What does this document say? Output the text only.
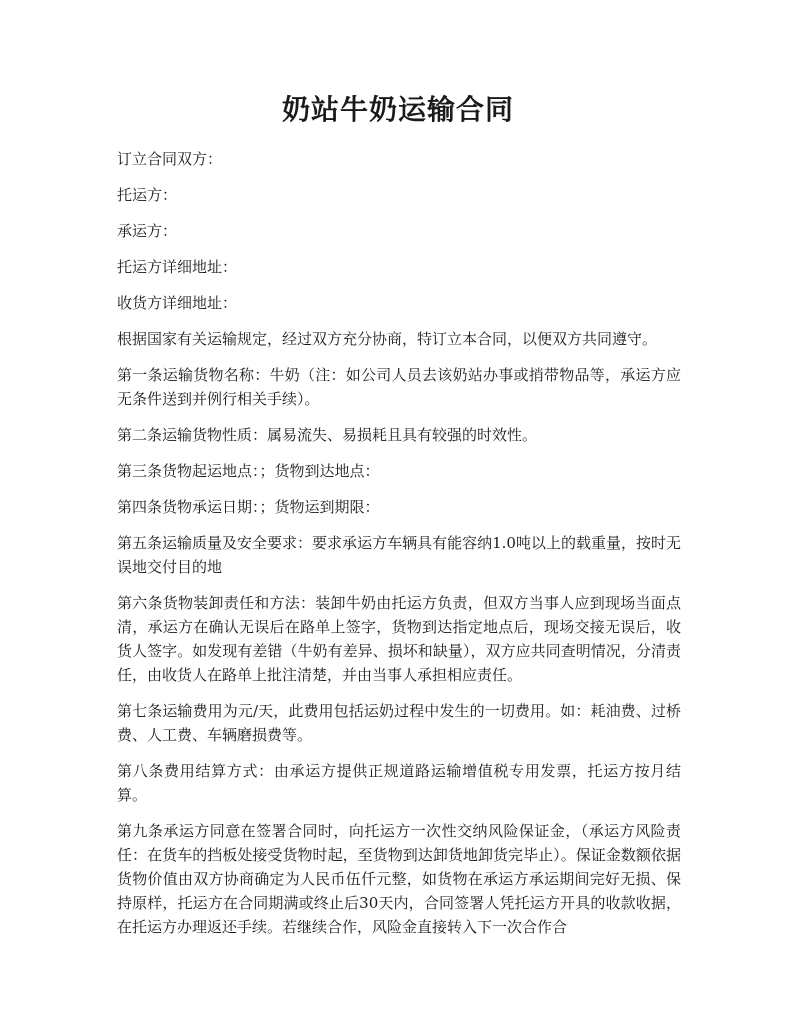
奶站牛奶运输合同

订立合同双方：

托运方：

承运方：

托运方详细地址：

收货方详细地址：

根据国家有关运输规定，经过双方充分协商，特订立本合同，以便双方共同遵守。

第一条运输货物名称：牛奶（注：如公司人员去该奶站办事或捎带物品等，承运方应无条件送到并例行相关手续）。

第二条运输货物性质：属易流失、易损耗且具有较强的时效性。

第三条货物起运地点：；货物到达地点：

第四条货物承运日期：；货物运到期限：

第五条运输质量及安全要求：要求承运方车辆具有能容纳1.0吨以上的载重量，按时无误地交付目的地

第六条货物装卸责任和方法：装卸牛奶由托运方负责，但双方当事人应到现场当面点清，承运方在确认无误后在路单上签字，货物到达指定地点后，现场交接无误后，收货人签字。如发现有差错（牛奶有差异、损坏和缺量），双方应共同查明情况，分清责任，由收货人在路单上批注清楚，并由当事人承担相应责任。

第七条运输费用为元/天，此费用包括运奶过程中发生的一切费用。如：耗油费、过桥费、人工费、车辆磨损费等。

第八条费用结算方式：由承运方提供正规道路运输增值税专用发票，托运方按月结算。

第九条承运方同意在签署合同时，向托运方一次性交纳风险保证金，（承运方风险责任：在货车的挡板处接受货物时起，至货物到达卸货地卸货完毕止）。保证金数额依据货物价值由双方协商确定为人民币伍仟元整，如货物在承运方承运期间完好无损、保持原样，托运方在合同期满或终止后30天内，合同签署人凭托运方开具的收款收据，在托运方办理返还手续。若继续合作，风险金直接转入下一次合作合
